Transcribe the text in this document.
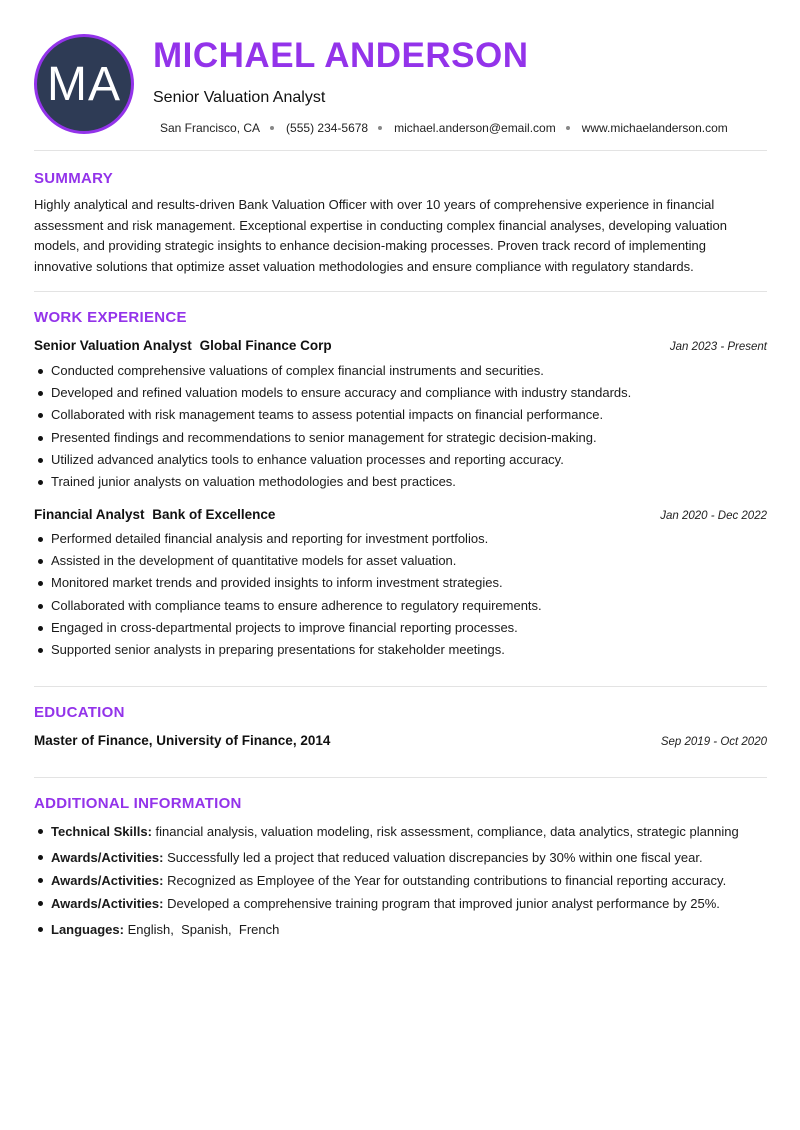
MA
MICHAEL ANDERSON
Senior Valuation Analyst
San Francisco, CA (555) 234-5678 michael.anderson@email.com www.michaelanderson.com
SUMMARY
Highly analytical and results-driven Bank Valuation Officer with over 10 years of comprehensive experience in financial assessment and risk management. Exceptional expertise in conducting complex financial analyses, developing valuation models, and providing strategic insights to enhance decision-making processes. Proven track record of implementing innovative solutions that optimize asset valuation methodologies and ensure compliance with regulatory standards.
WORK EXPERIENCE
Senior Valuation Analyst Global Finance Corp	Jan 2023 - Present
Conducted comprehensive valuations of complex financial instruments and securities.
Developed and refined valuation models to ensure accuracy and compliance with industry standards.
Collaborated with risk management teams to assess potential impacts on financial performance.
Presented findings and recommendations to senior management for strategic decision-making.
Utilized advanced analytics tools to enhance valuation processes and reporting accuracy.
Trained junior analysts on valuation methodologies and best practices.
Financial Analyst Bank of Excellence	Jan 2020 - Dec 2022
Performed detailed financial analysis and reporting for investment portfolios.
Assisted in the development of quantitative models for asset valuation.
Monitored market trends and provided insights to inform investment strategies.
Collaborated with compliance teams to ensure adherence to regulatory requirements.
Engaged in cross-departmental projects to improve financial reporting processes.
Supported senior analysts in preparing presentations for stakeholder meetings.
EDUCATION
Master of Finance, University of Finance, 2014	Sep 2019 - Oct 2020
ADDITIONAL INFORMATION
Technical Skills: financial analysis, valuation modeling, risk assessment, compliance, data analytics, strategic planning
Awards/Activities: Successfully led a project that reduced valuation discrepancies by 30% within one fiscal year.
Awards/Activities: Recognized as Employee of the Year for outstanding contributions to financial reporting accuracy.
Awards/Activities: Developed a comprehensive training program that improved junior analyst performance by 25%.
Languages: English,  Spanish,  French
